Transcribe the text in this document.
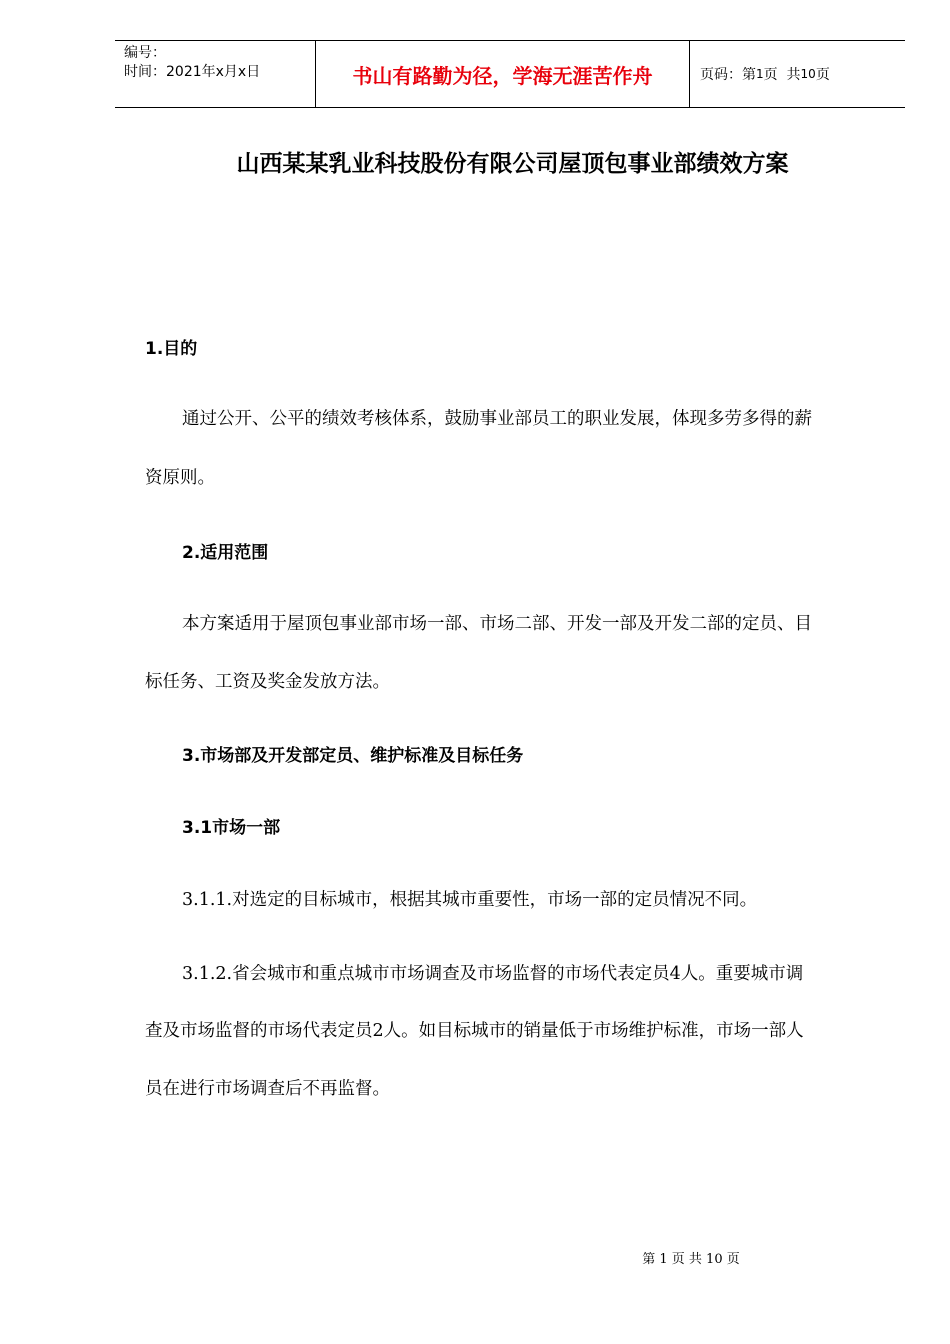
编号：
时间：2021年x月x日	书山有路勤为径，学海无涯苦作舟	页码：第 1 页  共 10 页
山西某某乳业科技股份有限公司屋顶包事业部绩效方案
1.目的
通过公开、公平的绩效考核体系，鼓励事业部员工的职业发展，体现多劳多得的薪
资原则。
2.适用范围
本方案适用于屋顶包事业部市场一部、市场二部、开发一部及开发二部的定员、目
标任务、工资及奖金发放方法。
3.市场部及开发部定员、维护标准及目标任务
3.1市场一部
3.1.1.对选定的目标城市，根据其城市重要性，市场一部的定员情况不同。
3.1.2.省会城市和重点城市市场调查及市场监督的市场代表定员4人。重要城市调
查及市场监督的市场代表定员2人。如目标城市的销量低于市场维护标准，市场一部人
员在进行市场调查后不再监督。
第 1 页 共 10 页
